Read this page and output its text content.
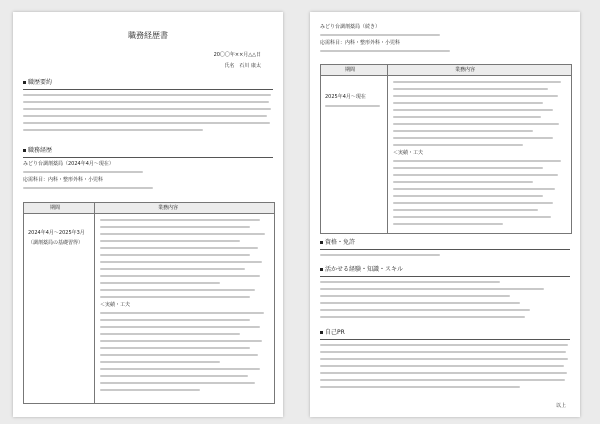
職務経歴書
20〇〇年××月△△日
氏名　石川 康太
職歴要約
職務経歴
みどり台調剤薬局（2024年4月～現在）
応需科目：内科・整形外科・小児科
期間	業務内容
2024年4月～2025年3月
（調剤薬局の基礎習得）
＜実績・工夫
みどり台調剤薬局（続き）
応需科目：内科・整形外科・小児科
期間	業務内容
2025年4月～現在
＜実績・工夫
資格・免許
活かせる経験・知識・スキル
自己PR
以上
